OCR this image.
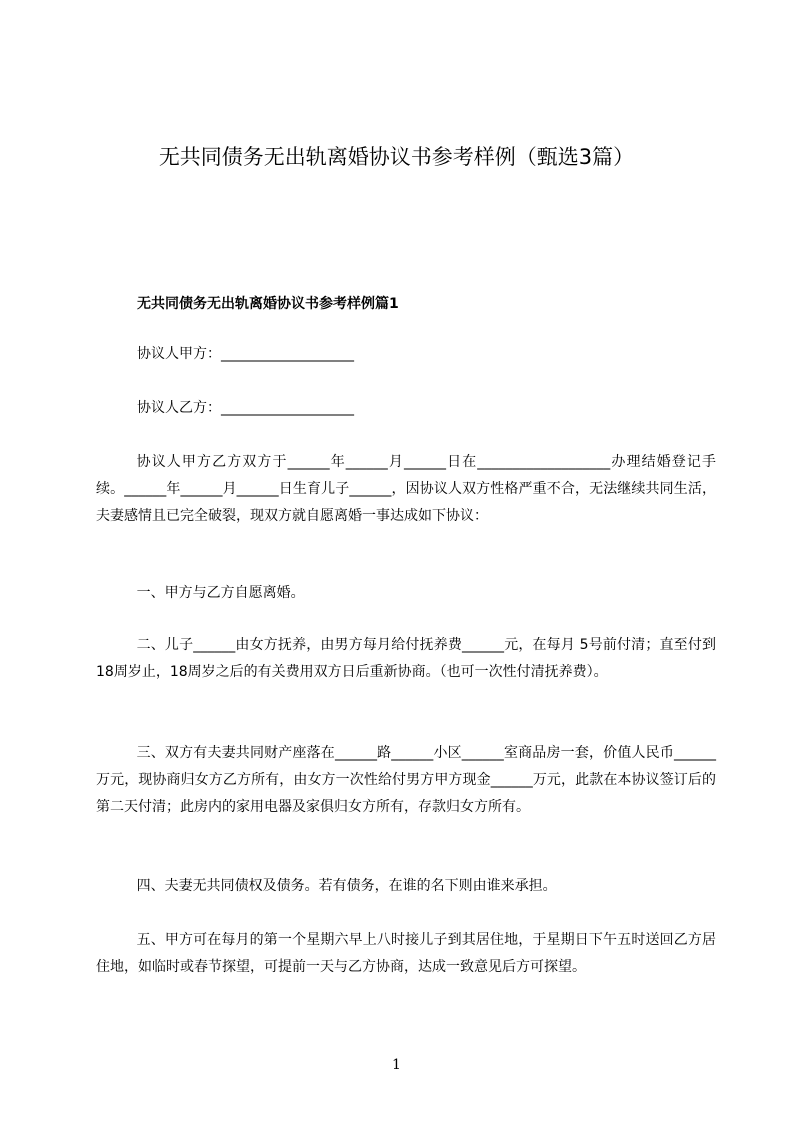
无共同债务无出轨离婚协议书参考样例（甄选3篇）
无共同债务无出轨离婚协议书参考样例篇1
协议人甲方：___________________
协议人乙方：___________________

协议人甲方乙方双方于______年______月______日在___________________办理结婚登记手续。______年______月______日生育儿子______，因协议人双方性格严重不合，无法继续共同生活，夫妻感情且已完全破裂，现双方就自愿离婚一事达成如下协议：

一、甲方与乙方自愿离婚。

二、儿子______由女方抚养，由男方每月给付抚养费______元，在每月 5号前付清；直至付到18周岁止，18周岁之后的有关费用双方日后重新协商。（也可一次性付清抚养费）。

三、双方有夫妻共同财产座落在______路______小区______室商品房一套，价值人民币______万元，现协商归女方乙方所有，由女方一次性给付男方甲方现金______万元，此款在本协议签订后的第二天付清；此房内的家用电器及家俱归女方所有，存款归女方所有。

四、夫妻无共同债权及债务。若有债务，在谁的名下则由谁来承担。

五、甲方可在每月的第一个星期六早上八时接儿子到其居住地，于星期日下午五时送回乙方居住地，如临时或春节探望，可提前一天与乙方协商，达成一致意见后方可探望。

1
